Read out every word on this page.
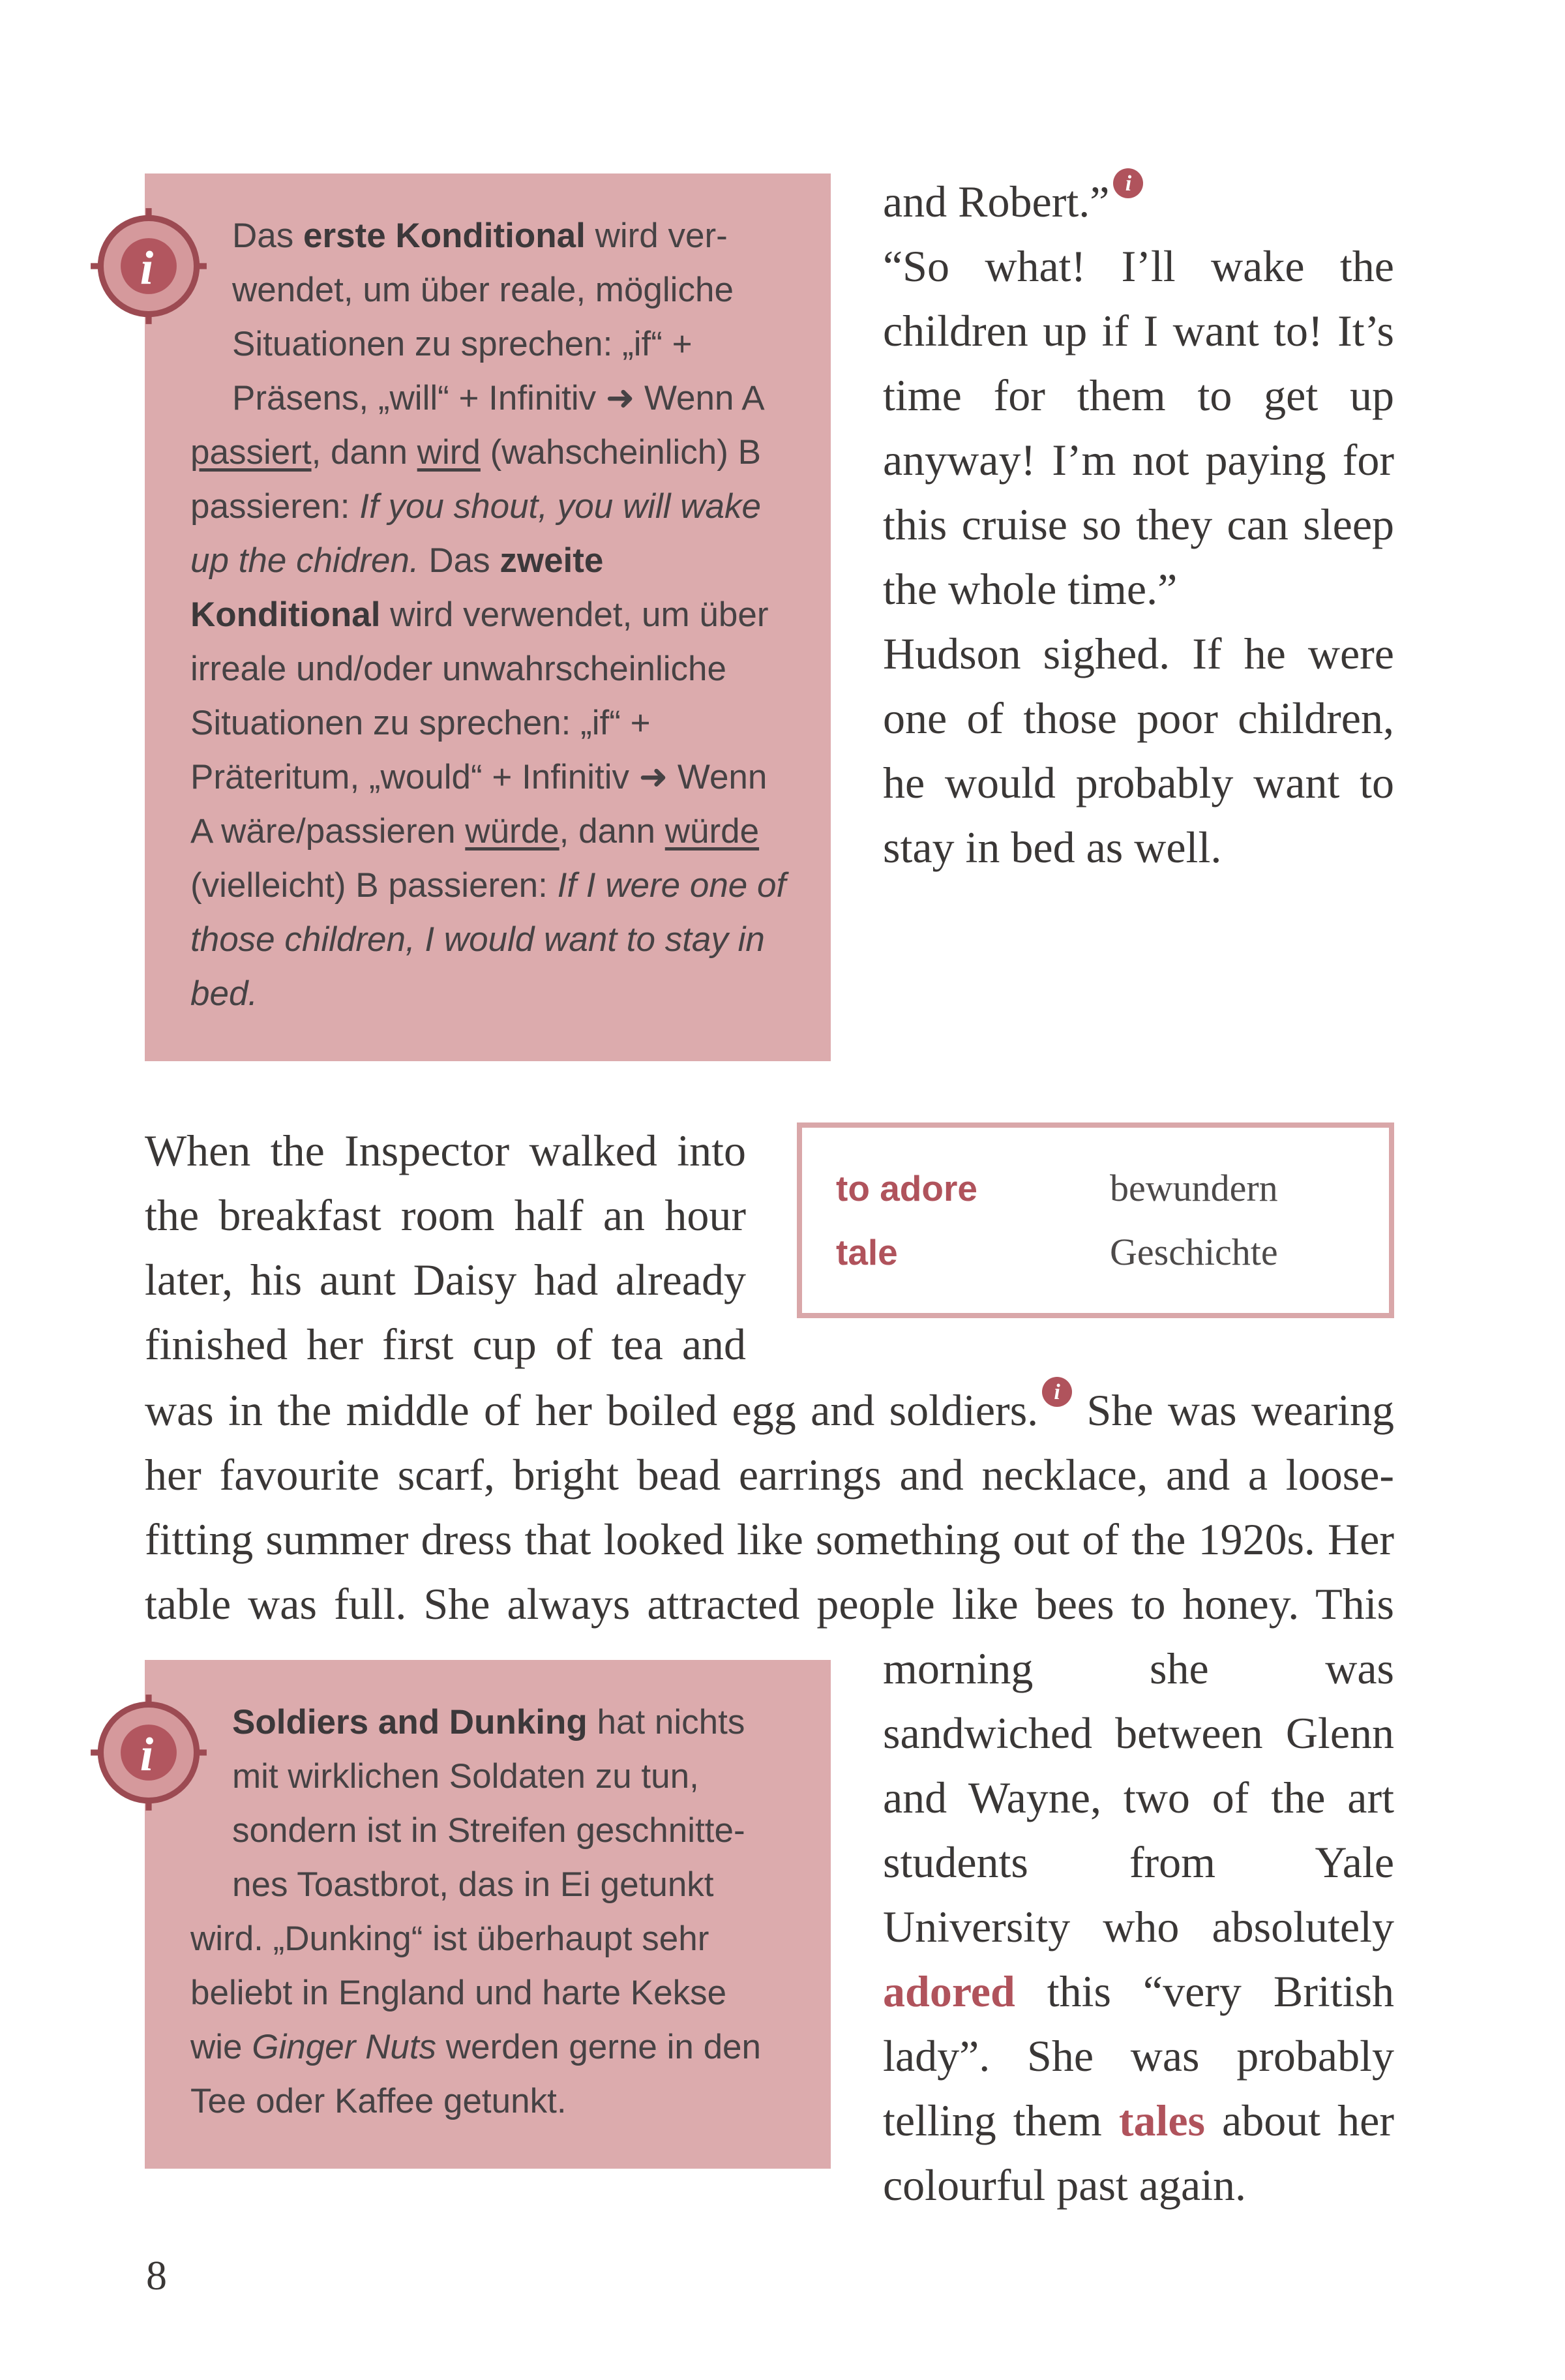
i
Das erste Konditional wird verwendet, um über reale, mögliche Situationen zu sprechen: „if“ + Präsens, „will“ + Infinitiv ➜ Wenn A passiert, dann wird (wahscheinlich) B passieren: If you shout, you will wake up the chidren. Das zweite Konditional wird verwendet, um über irreale und/oder unwahrscheinliche Situationen zu sprechen: „if“ + Präteritum, „would“ + Infinitiv ➜ Wenn A wäre/passieren würde, dann würde (vielleicht) B passieren: If I were one of those children, I would want to stay in bed.

and Robert.” i

“So what! I’ll wake the children up if I want to! It’s time for them to get up anyway! I’m not paying for this cruise so they can sleep the whole time.”

Hudson sighed. If he were one of those poor children, he would probably want to stay in bed as well.

to adore	bewundern
tale	Geschichte

When the Inspector walked into the breakfast room half an hour later, his aunt Daisy had already finished her first cup of tea and was in the middle of her boiled egg and soldiers. i She was wearing her favourite scarf, bright bead earrings and necklace, and a loose-fitting summer dress that looked like something out of the 1920s. Her table was full. She always attracted people like bees to honey. This morning she
i
Soldiers and Dunking hat nichts mit wirklichen Soldaten zu tun, sondern ist in Streifen geschnittenes Toastbrot, das in Ei getunkt wird. „Dunking“ ist überhaupt sehr beliebt in England und harte Kekse wie Ginger Nuts werden gerne in den Tee oder Kaffee getunkt.
was sandwiched between Glenn and Wayne, two of the art students from Yale University who absolutely adored this “very British lady”. She was probably telling them tales about her colourful past again.

8
